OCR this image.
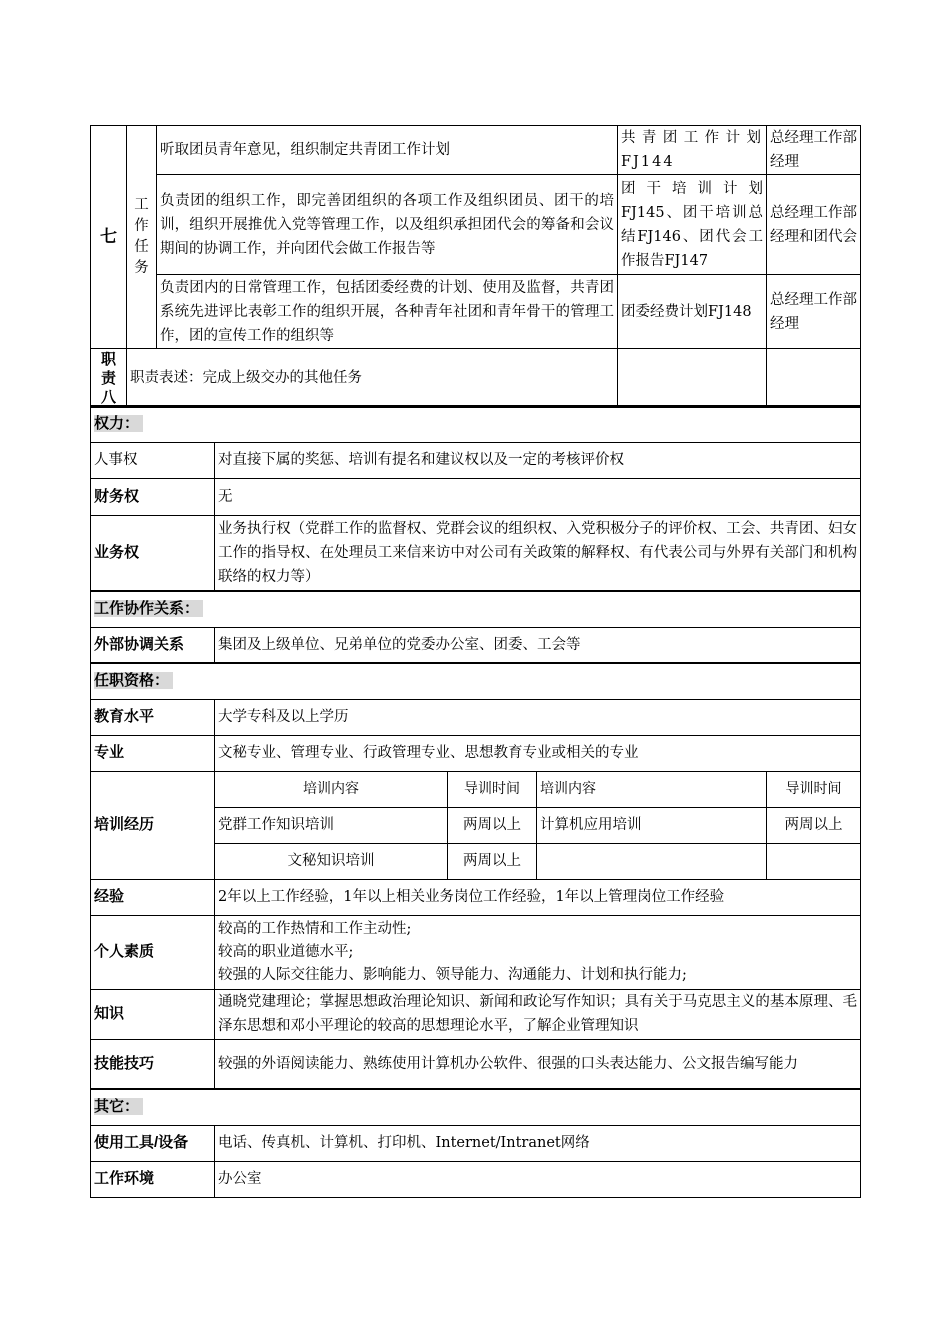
七	工作任务	听取团员青年意见，组织制定共青团工作计划	共青团工作计划FJ144	总经理工作部经理
		负责团的组织工作，即完善团组织的各项工作及组织团员、团干的培训，组织开展推优入党等管理工作，以及组织承担团代会的筹备和会议期间的协调工作，并向团代会做工作报告等	团干培训计划FJ145、团干培训总结FJ146、团代会工作报告FJ147	总经理工作部经理和团代会
		负责团内的日常管理工作，包括团委经费的计划、使用及监督，共青团系统先进评比表彰工作的组织开展，各种青年社团和青年骨干的管理工作，团的宣传工作的组织等	团委经费计划FJ148	总经理工作部经理
职责八	职责表述：完成上级交办的其他任务			
权力：				
人事权	对直接下属的奖惩、培训有提名和建议权以及一定的考核评价权			
财务权	无			
业务权	业务执行权（党群工作的监督权、党群会议的组织权、入党积极分子的评价权、工会、共青团、妇女工作的指导权、在处理员工来信来访中对公司有关政策的解释权、有代表公司与外界有关部门和机构联络的权力等）			
工作协作关系：				
外部协调关系	集团及上级单位、兄弟单位的党委办公室、团委、工会等			
任职资格：				
教育水平	大学专科及以上学历			
专业	文秘专业、管理专业、行政管理专业、思想教育专业或相关的专业			
培训经历	培训内容	导训时间	培训内容	导训时间
	党群工作知识培训	两周以上	计算机应用培训	两周以上
	文秘知识培训	两周以上		
经验	2年以上工作经验，1年以上相关业务岗位工作经验，1年以上管理岗位工作经验			
个人素质	较高的工作热情和工作主动性;
较高的职业道德水平;
较强的人际交往能力、影响能力、领导能力、沟通能力、计划和执行能力;			

知识	通晓党建理论；掌握思想政治理论知识、新闻和政论写作知识；具有关于马克思主义的基本原理、毛泽东思想和邓小平理论的较高的思想理论水平，了解企业管理知识			
技能技巧	较强的外语阅读能力、熟练使用计算机办公软件、很强的口头表达能力、公文报告编写能力			
其它：				
使用工具/设备	电话、传真机、计算机、打印机、Internet/Intranet网络			
工作环境	办公室			
